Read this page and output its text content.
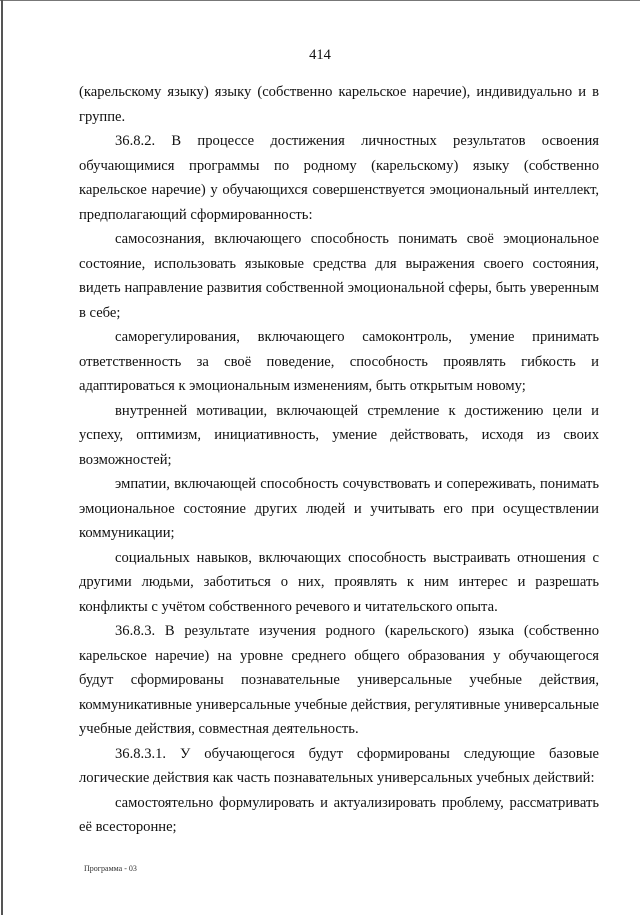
414

(карельскому языку) языку (собственно карельское наречие), индивидуально и в группе.

36.8.2. В процессе достижения личностных результатов освоения обучающимися программы по родному (карельскому) языку (собственно карельское наречие) у обучающихся совершенствуется эмоциональный интеллект, предполагающий сформированность:

самосознания, включающего способность понимать своё эмоциональное состояние, использовать языковые средства для выражения своего состояния, видеть направление развития собственной эмоциональной сферы, быть уверенным в себе;

саморегулирования, включающего самоконтроль, умение принимать ответственность за своё поведение, способность проявлять гибкость и адаптироваться к эмоциональным изменениям, быть открытым новому;

внутренней мотивации, включающей стремление к достижению цели и успеху, оптимизм, инициативность, умение действовать, исходя из своих возможностей;

эмпатии, включающей способность сочувствовать и сопереживать, понимать эмоциональное состояние других людей и учитывать его при осуществлении коммуникации;

социальных навыков, включающих способность выстраивать отношения с другими людьми, заботиться о них, проявлять к ним интерес и разрешать конфликты с учётом собственного речевого и читательского опыта.

36.8.3. В результате изучения родного (карельского) языка (собственно карельское наречие) на уровне среднего общего образования у обучающегося будут сформированы познавательные универсальные учебные действия, коммуникативные универсальные учебные действия, регулятивные универсальные учебные действия, совместная деятельность.

36.8.3.1. У обучающегося будут сформированы следующие базовые логические действия как часть познавательных универсальных учебных действий:

самостоятельно формулировать и актуализировать проблему, рассматривать её всесторонне;

Программа - 03
